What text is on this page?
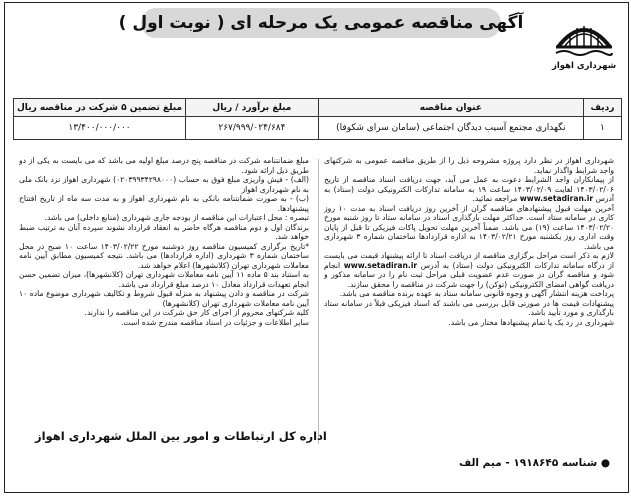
شهرداری اهواز
آگهی مناقصه عمومی یک مرحله ای ( نوبت اول )
ردیف	عنوان مناقصه	مبلغ برآورد / ریال	مبلغ تضمین ۵ شرکت در مناقصه ریال
۱	نگهداری مجتمع آسیب دیدگان اجتماعی (سامان سرای شکوفا)	۲۶۷/۹۹۹/۰۲۴/۶۸۴	۱۳/۴۰۰/۰۰۰/۰۰۰

شهرداری اهواز در نظر دارد پروژه مشروحه ذیل را از طریق مناقصه عمومی به شرکتهای واجد شرایط واگذار نماید.

از پیمانکاران واجد الشرایط دعوت به عمل می آید، جهت دریافت اسناد مناقصه از تاریخ ۱۴۰۳/۰۲/۰۶ لغایت ۱۴۰۳/۰۲/۰۹ ساعت ۱۹ به سامانه تدارکات الکترونیکی دولت (ستاد) به آدرس www.setadiran.ir مراجعه نمائید.

آخرین مهلت قبول پیشنهادهای مناقصه گران از آخرین روز دریافت اسناد به مدت ۱۰ روز کاری در سامانه ستاد است. حداکثر مهلت بارگذاری اسناد در سامانه ستاد تا روز شنبه مورخ ۱۴۰۳/۰۲/۲۰ ساعت (۱۹) می باشد. ضمناً آخرین مهلت تحویل پاکات فیزیکی تا قبل از پایان وقت اداری روز یکشنبه مورخ ۱۴۰۳/۰۲/۲۱ به اداره قراردادها ساختمان شماره ۳ شهرداری می باشد.

لازم به ذکر است مراحل برگزاری مناقصه از دریافت اسناد تا ارائه پیشنهاد قیمت می بایست از درگاه سامانه تدارکات الکترونیکی دولت (ستاد) به آدرس www.setadiran.ir انجام شود و مناقصه گران در صورت عدم عضویت قبلی مراحل ثبت نام را در سامانه مذکور و دریافت گواهی امضای الکترونیکی (توکن) را جهت شرکت در مناقصه را محقق سازند.

پرداخت هزینه انتشار آگهی و وجوه قانونی سامانه ستاد به عهده برنده مناقصه می باشد.

پیشنهادات قیمت ها در صورتی قابل بررسی می باشند که اسناد فیزیکی قبلاً در سامانه ستاد بارگذاری و مورد تأیید باشد.

شهرداری در رد یک یا تمام پیشنهادها مختار می باشد.

مبلغ ضمانتنامه شرکت در مناقصه پنج درصد مبلغ اولیه می باشد که می بایست به یکی از دو طریق ذیل ارائه شود.

(الف) - فیش واریزی مبلغ فوق به حساب (۰۲۰۳۹۹۳۴۲۹۸۰۰۰) شهرداری اهواز نزد بانک ملی به نام شهرداری اهواز

(ب) - به صورت ضمانتنامه بانکی به نام شهرداری اهواز و به مدت سه ماه از تاریخ افتتاح پیشنهادها.

تبصره : محل اعتبارات این مناقصه از بودجه جاری شهرداری (منابع داخلی) می باشد.

برندگان اول و دوم مناقصه هرگاه حاضر به انعقاد قرارداد نشوند سپرده آنان به ترتیب ضبط خواهد شد.

*تاریخ برگزاری کمیسیون مناقصه روز دوشنبه مورخ ۱۴۰۳/۰۲/۲۲ ساعت ۱۰ صبح در محل ساختمان شماره ۳ شهرداری (اداره قراردادها) می باشد. نتیجه کمیسیون مطابق آیین نامه معاملات شهرداری تهران (کلانشهرها) اعلام خواهد شد.

به استناد بند ۵ ماده ۱۱ آیین نامه معاملات شهرداری تهران (کلانشهرها)، میزان تضمین حسن انجام تعهدات قرارداد معادل ۱۰ درصد مبلغ قرارداد می باشد.

شرکت در مناقصه و دادن پیشنهاد به منزله قبول شروط و تکالیف شهرداری موضوع ماده ۱۰ آیین نامه معاملات شهرداری تهران (کلانشهرها)

کلیه شرکتهای محروم از اجرای کار حق شرکت در این مناقصه را ندارند.

سایر اطلاعات و جزئیات در اسناد مناقصه مندرج شده است.

اداره کل ارتباطات و امور بین الملل شهرداری اهواز
● شناسه ۱۹۱۸۶۴۵ - میم الف
